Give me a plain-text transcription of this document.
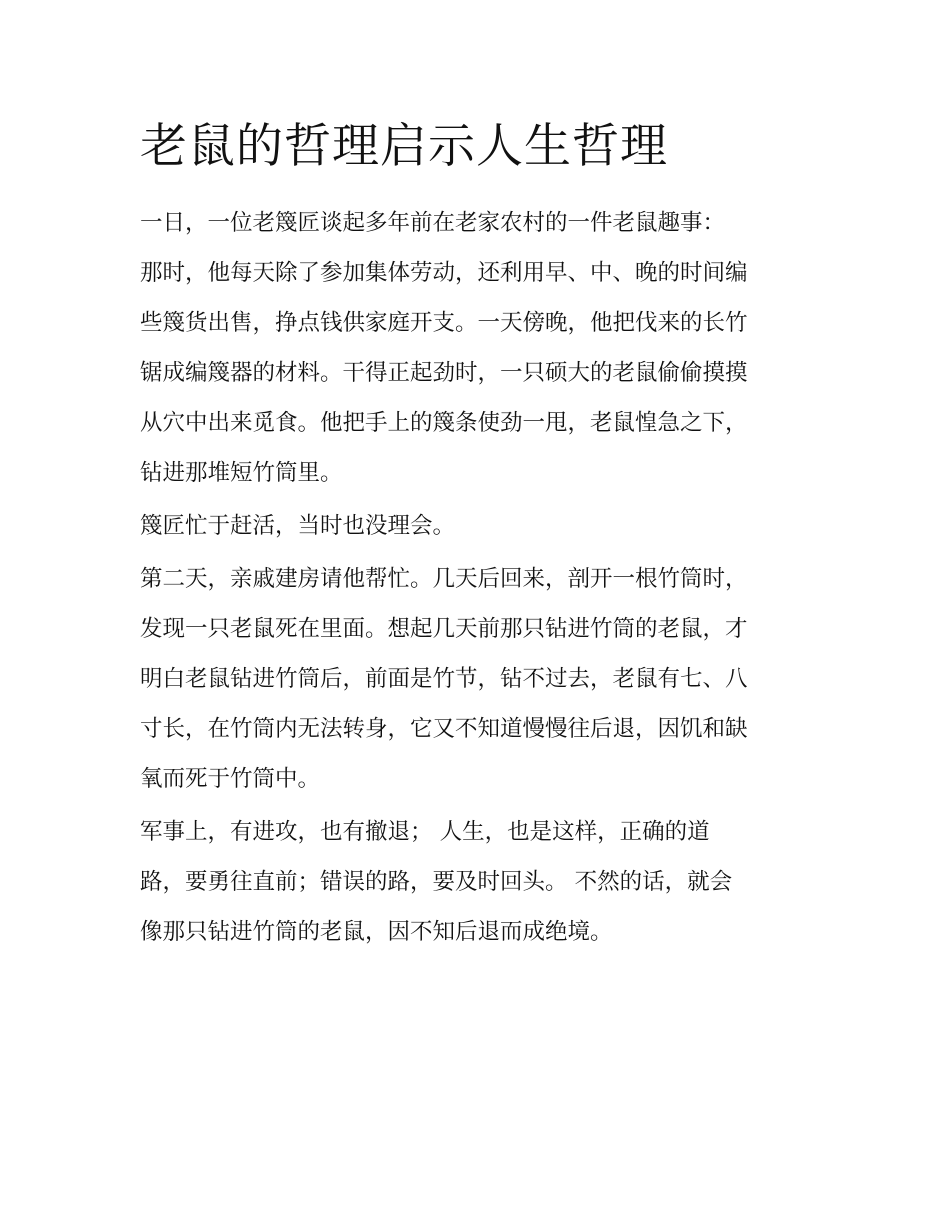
老鼠的哲理启示人生哲理

一日，一位老篾匠谈起多年前在老家农村的一件老鼠趣事：

那时，他每天除了参加集体劳动，还利用早、中、晚的时间编

些篾货出售，挣点钱供家庭开支。一天傍晚，他把伐来的长竹

锯成编篾器的材料。干得正起劲时，一只硕大的老鼠偷偷摸摸

从穴中出来觅食。他把手上的篾条使劲一甩，老鼠惶急之下，

钻进那堆短竹筒里。

篾匠忙于赶活，当时也没理会。

第二天，亲戚建房请他帮忙。几天后回来，剖开一根竹筒时，

发现一只老鼠死在里面。想起几天前那只钻进竹筒的老鼠，才

明白老鼠钻进竹筒后，前面是竹节，钻不过去，老鼠有七、八

寸长，在竹筒内无法转身，它又不知道慢慢往后退，因饥和缺

氧而死于竹筒中。

军事上，有进攻，也有撤退； 人生，也是这样，正确的道

路，要勇往直前；错误的路，要及时回头。 不然的话，就会

像那只钻进竹筒的老鼠，因不知后退而成绝境。
